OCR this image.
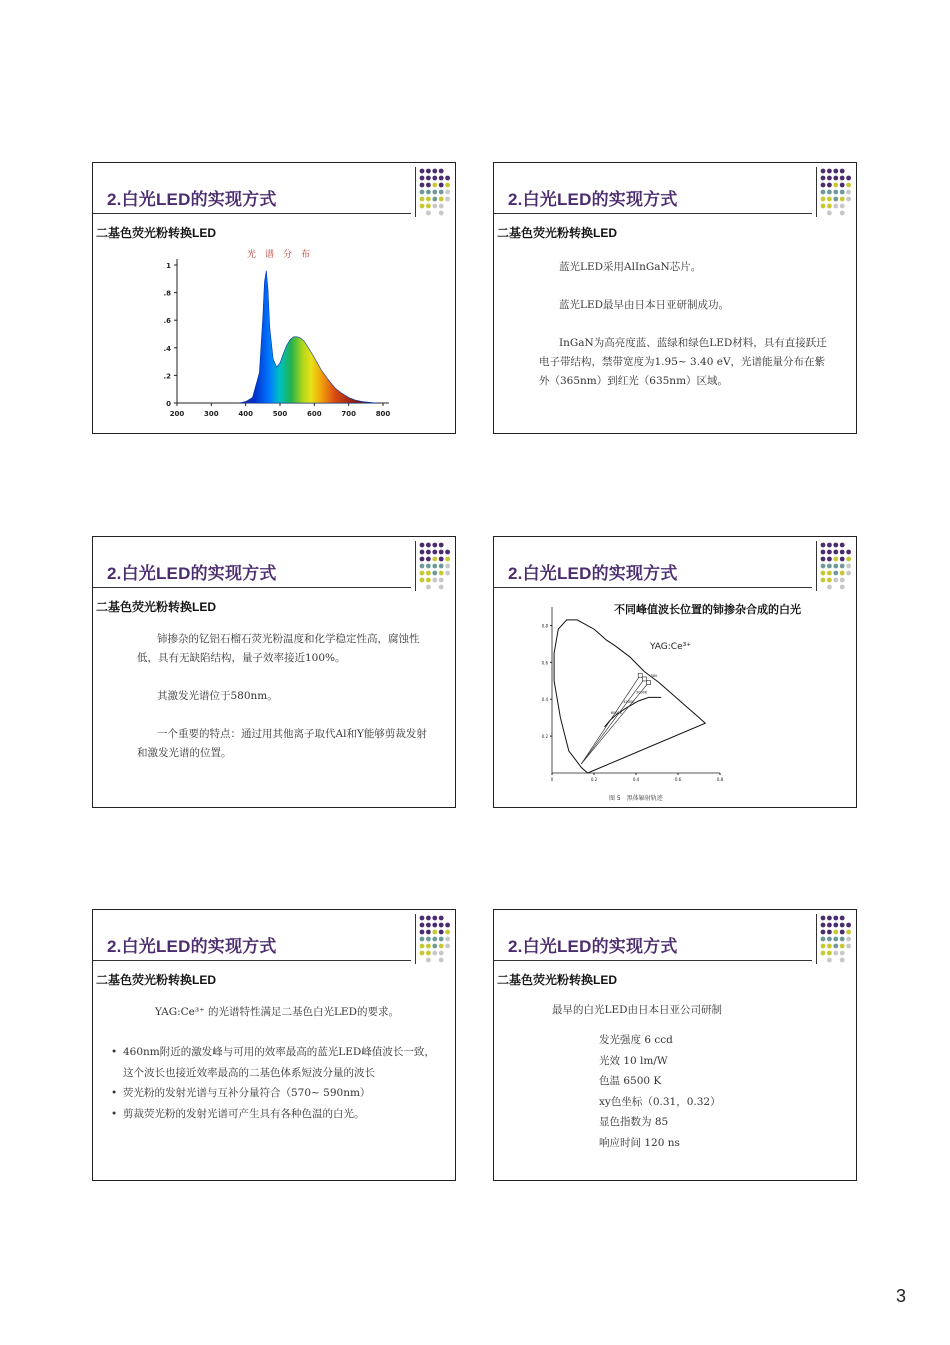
2.白光LED的实现方式
二基色荧光粉转换LED
光　谱　分　布
0
.2
.4
.6
.8
1
200	300	400	500	600	700	800
2.白光LED的实现方式
二基色荧光粉转换LED

蓝光LED采用AlInGaN芯片。

蓝光LED最早由日本日亚研制成功。

InGaN为高亮度蓝、蓝绿和绿色LED材料，具有直接跃迁电子带结构，禁带宽度为1.95~ 3.40 eV，光谱能量分布在紫外（365nm）到红光（635nm）区域。

2.白光LED的实现方式
二基色荧光粉转换LED

铈掺杂的钇铝石榴石荧光粉温度和化学稳定性高，腐蚀性低，具有无缺陷结构，量子效率接近100%。

其激发光谱位于580nm。

一个重要的特点：通过用其他离子取代Al和Y能够剪裁发射和激发光谱的位置。

2.白光LED的实现方式
不同峰值波长位置的铈掺杂合成的白光
0.2
0.4
0.6
0.8
0	0.2	0.4	0.6	0.8
580
3000K
4000K
6000K
YAG:Ce³⁺
图 5　黑体辐射轨迹
2.白光LED的实现方式
二基色荧光粉转换LED

YAG:Ce³⁺ 的光谱特性满足二基色白光LED的要求。

• 460nm附近的激发峰与可用的效率最高的蓝光LED峰值波长一致，这个波长也接近效率最高的二基色体系短波分量的波长
• 荧光粉的发射光谱与互补分量符合（570~ 590nm）
• 剪裁荧光粉的发射光谱可产生具有各种色温的白光。
2.白光LED的实现方式
二基色荧光粉转换LED

最早的白光LED由日本日亚公司研制

发光强度 6 ccd
光效 10 lm/W
色温 6500 K
xy色坐标（0.31，0.32）
显色指数为 85
响应时间 120 ns
3
